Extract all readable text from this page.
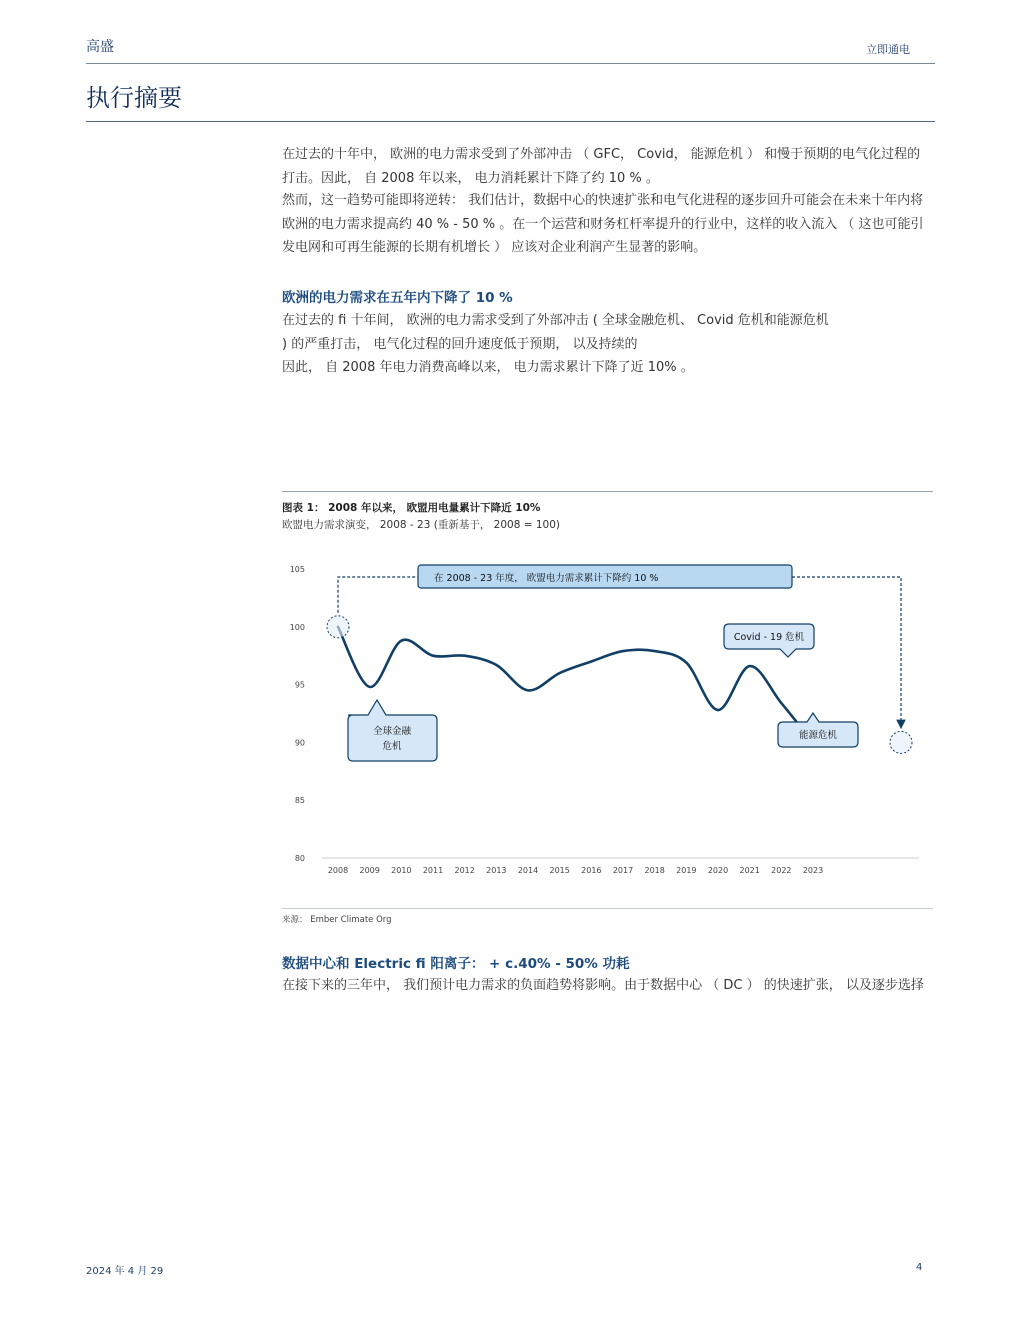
高盛	立即通电
执行摘要
在过去的十年中， 欧洲的电力需求受到了外部冲击 （ GFC， Covid， 能源危机 ） 和慢于预期的电气化过程的打击。因此， 自 2008 年以来， 电力消耗累计下降了约 10 % 。
然而，这一趋势可能即将逆转： 我们估计，数据中心的快速扩张和电气化进程的逐步回升可能会在未来十年内将欧洲的电力需求提高约 40 % - 50 % 。在一个运营和财务杠杆率提升的行业中，这样的收入流入 （ 这也可能引发电网和可再生能源的长期有机增长 ） 应该对企业利润产生显著的影响。
欧洲的电力需求在五年内下降了 10 %
在过去的 fi 十年间， 欧洲的电力需求受到了外部冲击 ( 全球金融危机、 Covid 危机和能源危机
) 的严重打击， 电气化过程的回升速度低于预期， 以及持续的
因此， 自 2008 年电力消费高峰以来， 电力需求累计下降了近 10% 。
图表 1： 2008 年以来， 欧盟用电量累计下降近 10%
欧盟电力需求演变， 2008 - 23 (重新基于， 2008 = 100)
105
100
95
90
85
80
2008 2009 2010 2011 2012 2013 2014 2015 2016 2017 2018 2019 2020 2021 2022 2023
在 2008 - 23 年度， 欧盟电力需求累计下降约 10 %
全球金融
危机
Covid - 19 危机
能源危机
来源： Ember Climate Org
数据中心和 Electric fi 阳离子： + c.40% - 50% 功耗
在接下来的三年中， 我们预计电力需求的负面趋势将影响。由于数据中心 （ DC ） 的快速扩张， 以及逐步选择
2024 年 4 月 29	4
